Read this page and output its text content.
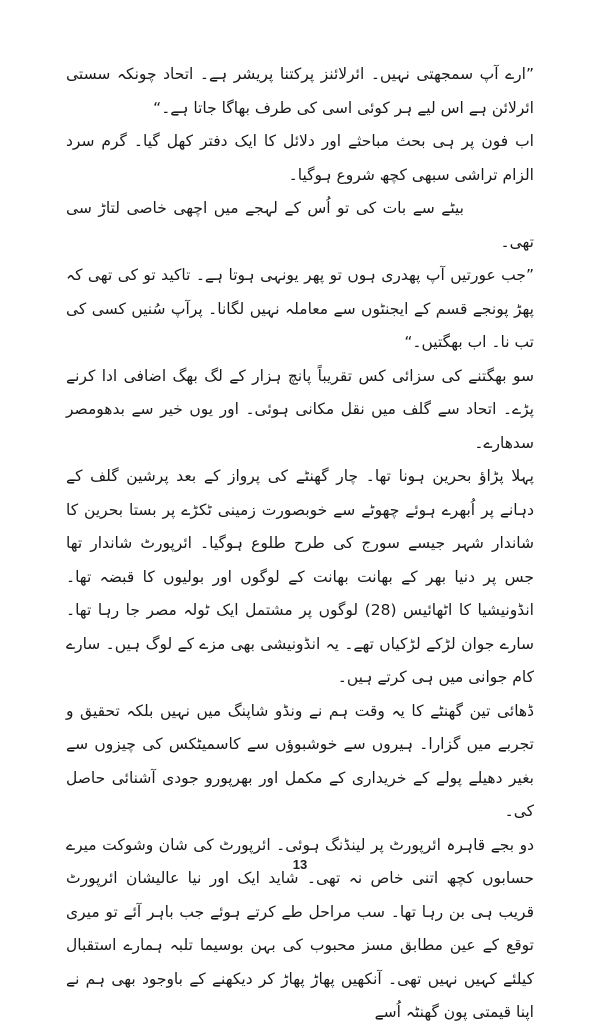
”ارے آپ سمجھتی نہیں۔ ائرلائنز پرکتنا پریشر ہے۔ اتحاد چونکہ سستی ائرلائن ہے اس لیے ہر کوئی اسی کی طرف بھاگا جاتا ہے۔“

اب فون پر ہی بحث مباحثے اور دلائل کا ایک دفتر کھل گیا۔ گرم سرد الزام تراشی سبھی کچھ شروع ہوگیا۔

بیٹے سے بات کی تو اُس کے لہجے میں اچھی خاصی لتاڑ سی تھی۔

”جب عورتیں آپ پھدری ہوں تو پھر یونہی ہوتا ہے۔ تاکید تو کی تھی کہ پھڑ پونجے قسم کے ایجنٹوں سے معاملہ نہیں لگانا۔ پرآپ سُنیں کسی کی تب نا۔ اب بھگتیں۔“

سو بھگتنے کی سزائی کس تقریباً پانچ ہزار کے لگ بھگ اضافی ادا کرنے پڑے۔ اتحاد سے گلف میں نقل مکانی ہوئی۔ اور یوں خیر سے بدھومصر سدھارے۔

پہلا پڑاؤ بحرین ہونا تھا۔ چار گھنٹے کی پرواز کے بعد پرشین گلف کے دہانے پر اُبھرے ہوئے چھوٹے سے خوبصورت زمینی ٹکڑے پر بستا بحرین کا شاندار شہر جیسے سورج کی طرح طلوع ہوگیا۔ ائرپورٹ شاندار تھا جس پر دنیا بھر کے بھانت بھانت کے لوگوں اور بولیوں کا قبضہ تھا۔ انڈونیشیا کا اٹھائیس (28) لوگوں پر مشتمل ایک ٹولہ مصر جا رہا تھا۔ سارے جوان لڑکے لڑکیاں تھے۔ یہ انڈونیشی بھی مزے کے لوگ ہیں۔ سارے کام جوانی میں ہی کرتے ہیں۔

ڈھائی تین گھنٹے کا یہ وقت ہم نے ونڈو شاپنگ میں نہیں بلکہ تحقیق و تجربے میں گزارا۔ ہیروں سے خوشبوؤں سے کاسمیٹکس کی چیزوں سے بغیر دھیلے پولے کے خریداری کے مکمل اور بھرپورو جودی آشنائی حاصل کی۔

دو بجے قاہرہ ائرپورٹ پر لینڈنگ ہوئی۔ ائرپورٹ کی شان وشوکت میرے حسابوں کچھ اتنی خاص نہ تھی۔ شاید ایک اور نیا عالیشان ائرپورٹ قریب ہی بن رہا تھا۔ سب مراحل طے کرتے ہوئے جب باہر آئے تو میری توقع کے عین مطابق مسز محبوب کی بہن بوسیما تلبہ ہمارے استقبال کیلئے کہیں نہیں تھی۔ آنکھیں پھاڑ پھاڑ کر دیکھنے کے باوجود بھی ہم نے اپنا قیمتی پون گھنٹہ اُسے

13
